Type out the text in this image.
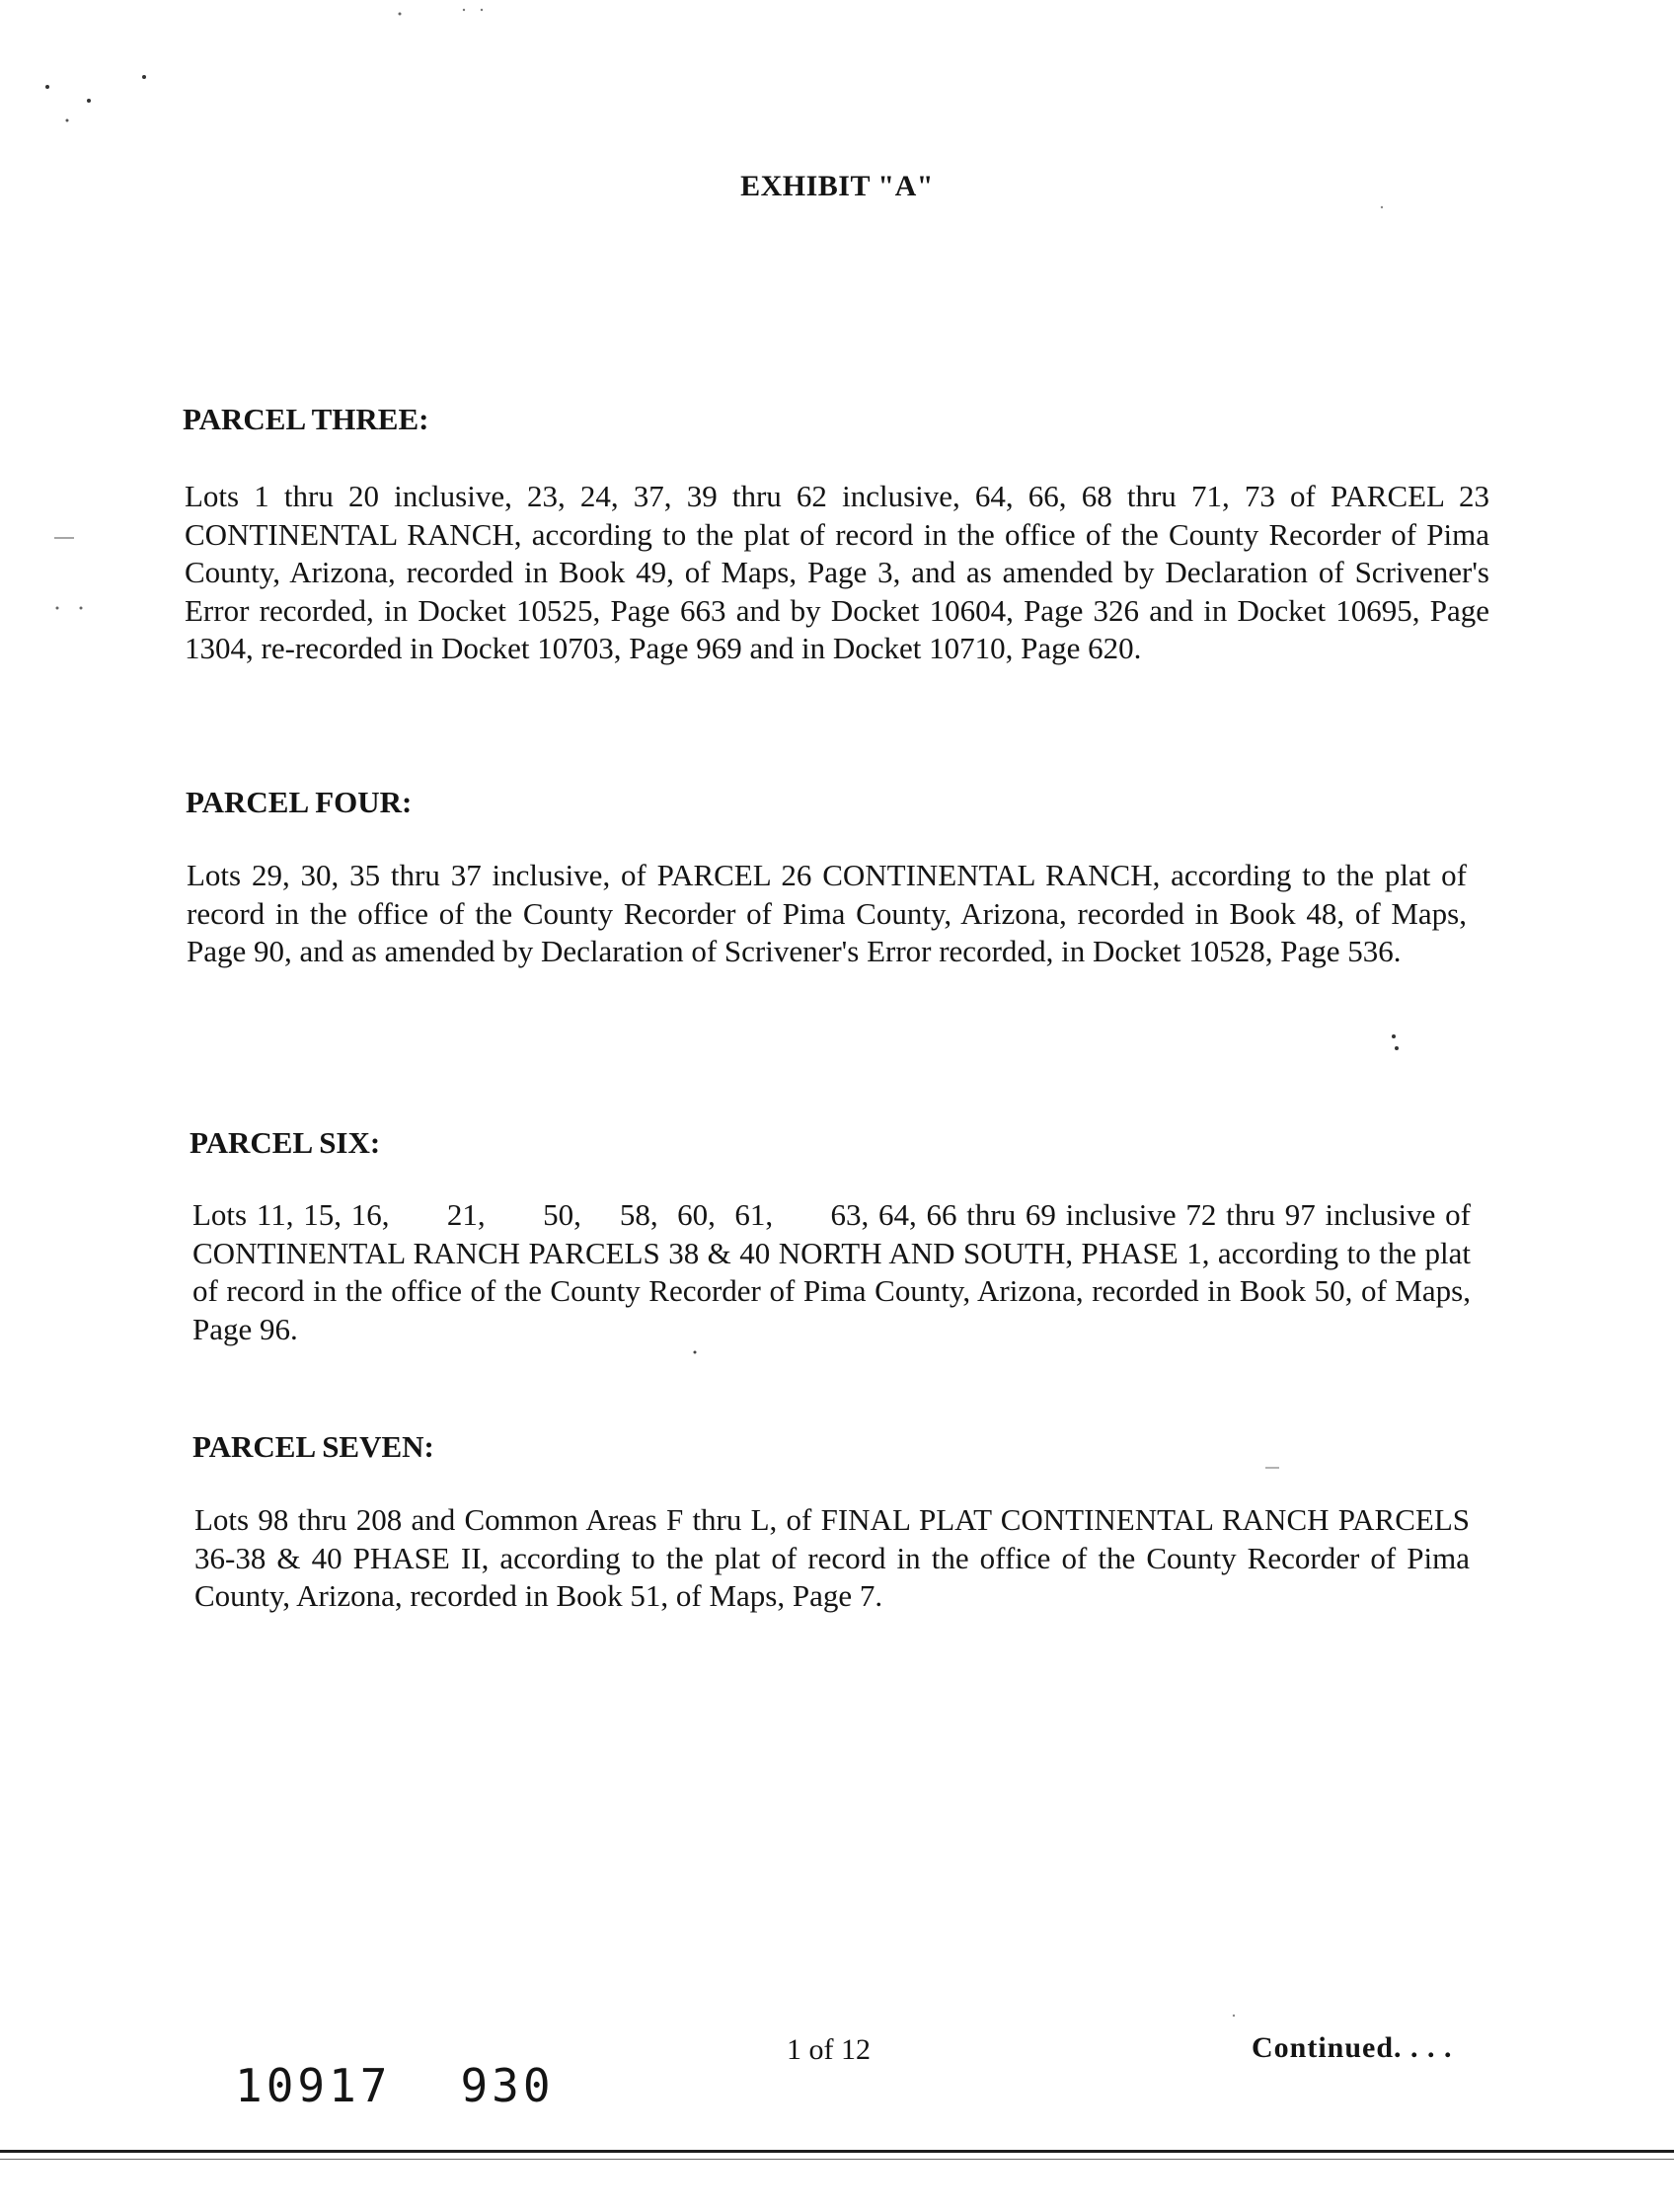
EXHIBIT "A"
PARCEL THREE:
Lots 1 thru 20 inclusive, 23, 24, 37, 39 thru 62 inclusive, 64, 66, 68 thru 71, 73 of PARCEL 23 CONTINENTAL RANCH, according to the plat of record in the office of the County Recorder of Pima County, Arizona, recorded in Book 49, of Maps, Page 3, and as amended by Declaration of Scrivener's Error recorded, in Docket 10525, Page 663 and by Docket 10604, Page 326 and in Docket 10695, Page 1304, re-recorded in Docket 10703, Page 969 and in Docket 10710, Page 620.
PARCEL FOUR:
Lots 29, 30, 35 thru 37 inclusive, of PARCEL 26 CONTINENTAL RANCH, according to the plat of record in the office of the County Recorder of Pima County, Arizona, recorded in Book 48, of Maps, Page 90, and as amended by Declaration of Scrivener's Error recorded, in Docket 10528, Page 536.
PARCEL SIX:
Lots 11, 15, 16,      21,      50,    58,  60,  61,      63, 64, 66 thru 69 inclusive 72 thru 97 inclusive of CONTINENTAL RANCH PARCELS 38 & 40 NORTH AND SOUTH, PHASE 1, according to the plat of record in the office of the County Recorder of Pima County, Arizona, recorded in Book 50, of Maps, Page 96.
PARCEL SEVEN:
Lots 98 thru 208 and Common Areas F thru L, of FINAL PLAT CONTINENTAL RANCH PARCELS 36-38 & 40 PHASE II, according to the plat of record in the office of the County Recorder of Pima County, Arizona, recorded in Book 51, of Maps, Page 7.
1 of 12	Continued. . . .
10917 930
